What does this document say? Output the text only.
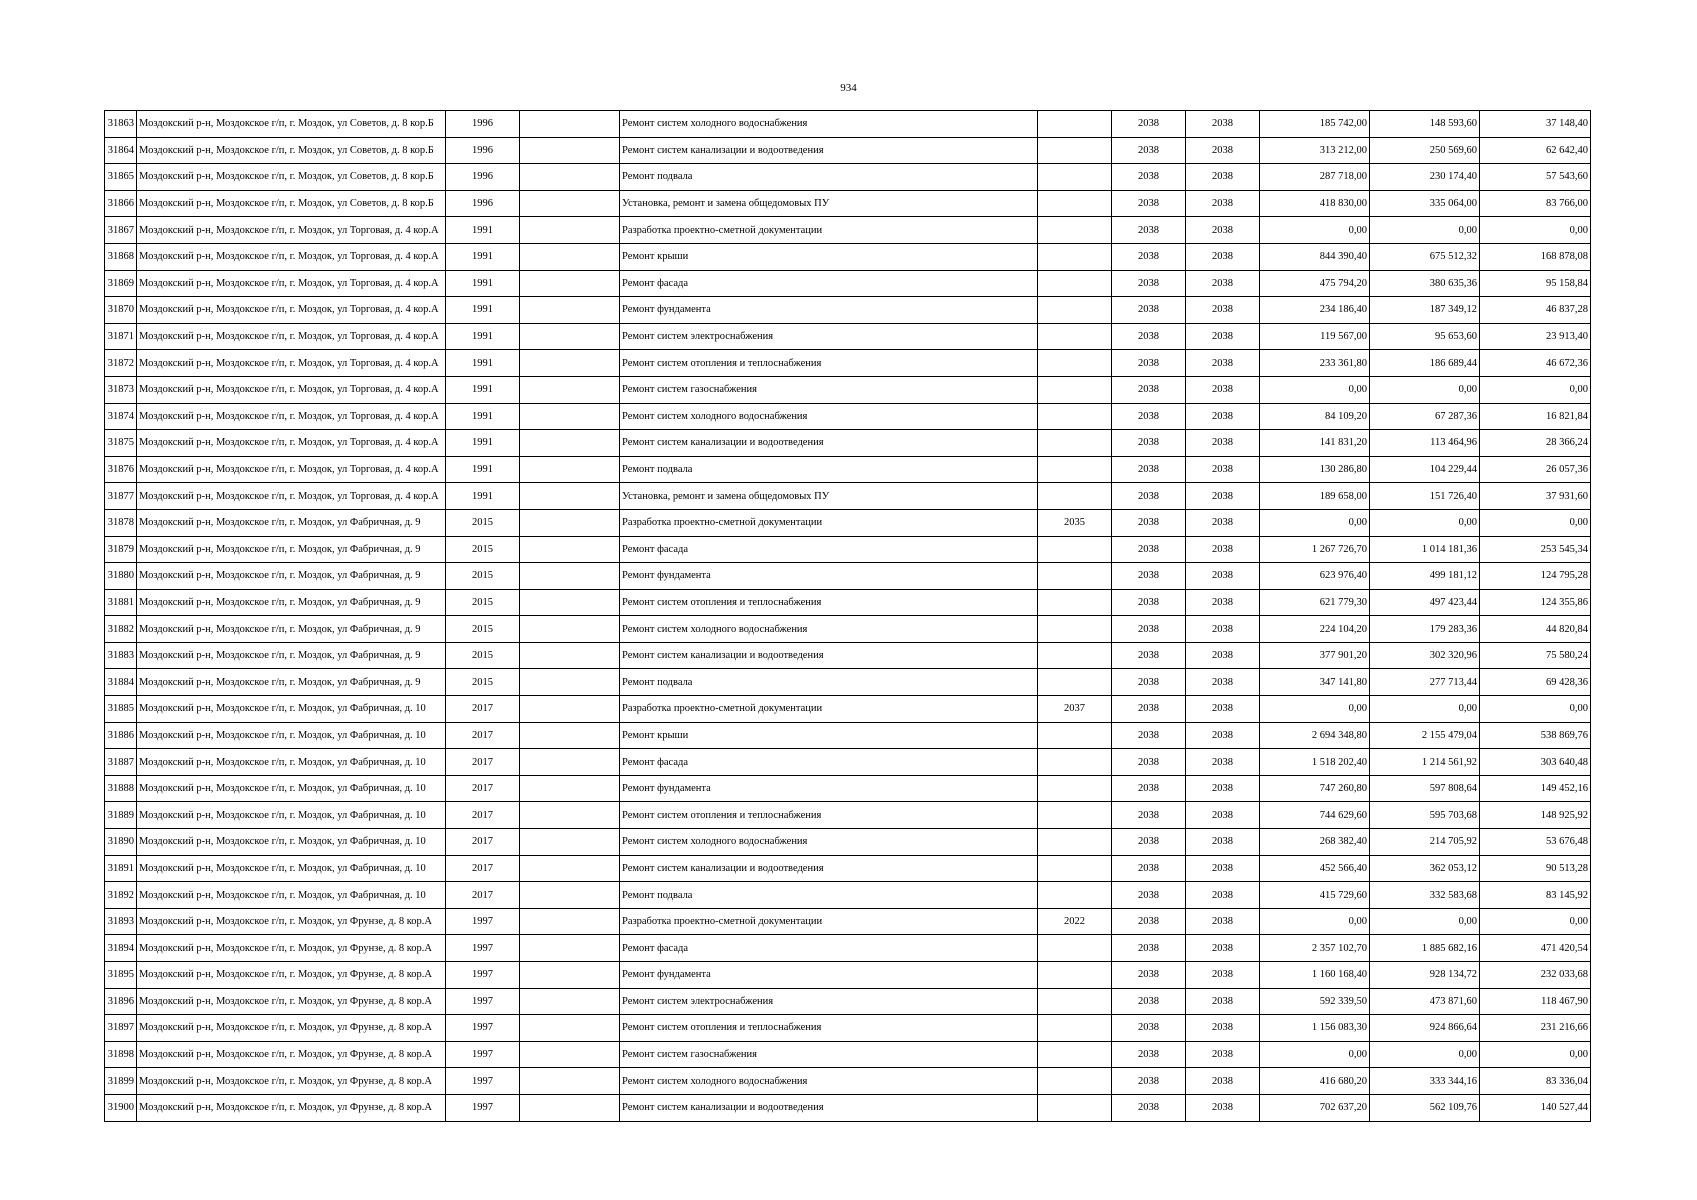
934
31863	Моздокский р-н, Моздокское г/п, г. Моздок, ул Советов, д. 8 кор.Б	1996		Ремонт систем холодного водоснабжения		2038	2038	185 742,00	148 593,60	37 148,40
31864	Моздокский р-н, Моздокское г/п, г. Моздок, ул Советов, д. 8 кор.Б	1996		Ремонт систем канализации и водоотведения		2038	2038	313 212,00	250 569,60	62 642,40
31865	Моздокский р-н, Моздокское г/п, г. Моздок, ул Советов, д. 8 кор.Б	1996		Ремонт подвала		2038	2038	287 718,00	230 174,40	57 543,60
31866	Моздокский р-н, Моздокское г/п, г. Моздок, ул Советов, д. 8 кор.Б	1996		Установка, ремонт и замена общедомовых ПУ		2038	2038	418 830,00	335 064,00	83 766,00
31867	Моздокский р-н, Моздокское г/п, г. Моздок, ул Торговая, д. 4 кор.А	1991		Разработка проектно-сметной документации		2038	2038	0,00	0,00	0,00
31868	Моздокский р-н, Моздокское г/п, г. Моздок, ул Торговая, д. 4 кор.А	1991		Ремонт крыши		2038	2038	844 390,40	675 512,32	168 878,08
31869	Моздокский р-н, Моздокское г/п, г. Моздок, ул Торговая, д. 4 кор.А	1991		Ремонт фасада		2038	2038	475 794,20	380 635,36	95 158,84
31870	Моздокский р-н, Моздокское г/п, г. Моздок, ул Торговая, д. 4 кор.А	1991		Ремонт фундамента		2038	2038	234 186,40	187 349,12	46 837,28
31871	Моздокский р-н, Моздокское г/п, г. Моздок, ул Торговая, д. 4 кор.А	1991		Ремонт систем электроснабжения		2038	2038	119 567,00	95 653,60	23 913,40
31872	Моздокский р-н, Моздокское г/п, г. Моздок, ул Торговая, д. 4 кор.А	1991		Ремонт систем отопления и теплоснабжения		2038	2038	233 361,80	186 689,44	46 672,36
31873	Моздокский р-н, Моздокское г/п, г. Моздок, ул Торговая, д. 4 кор.А	1991		Ремонт систем газоснабжения		2038	2038	0,00	0,00	0,00
31874	Моздокский р-н, Моздокское г/п, г. Моздок, ул Торговая, д. 4 кор.А	1991		Ремонт систем холодного водоснабжения		2038	2038	84 109,20	67 287,36	16 821,84
31875	Моздокский р-н, Моздокское г/п, г. Моздок, ул Торговая, д. 4 кор.А	1991		Ремонт систем канализации и водоотведения		2038	2038	141 831,20	113 464,96	28 366,24
31876	Моздокский р-н, Моздокское г/п, г. Моздок, ул Торговая, д. 4 кор.А	1991		Ремонт подвала		2038	2038	130 286,80	104 229,44	26 057,36
31877	Моздокский р-н, Моздокское г/п, г. Моздок, ул Торговая, д. 4 кор.А	1991		Установка, ремонт и замена общедомовых ПУ		2038	2038	189 658,00	151 726,40	37 931,60
31878	Моздокский р-н, Моздокское г/п, г. Моздок, ул Фабричная, д. 9	2015		Разработка проектно-сметной документации	2035	2038	2038	0,00	0,00	0,00
31879	Моздокский р-н, Моздокское г/п, г. Моздок, ул Фабричная, д. 9	2015		Ремонт фасада		2038	2038	1 267 726,70	1 014 181,36	253 545,34
31880	Моздокский р-н, Моздокское г/п, г. Моздок, ул Фабричная, д. 9	2015		Ремонт фундамента		2038	2038	623 976,40	499 181,12	124 795,28
31881	Моздокский р-н, Моздокское г/п, г. Моздок, ул Фабричная, д. 9	2015		Ремонт систем отопления и теплоснабжения		2038	2038	621 779,30	497 423,44	124 355,86
31882	Моздокский р-н, Моздокское г/п, г. Моздок, ул Фабричная, д. 9	2015		Ремонт систем холодного водоснабжения		2038	2038	224 104,20	179 283,36	44 820,84
31883	Моздокский р-н, Моздокское г/п, г. Моздок, ул Фабричная, д. 9	2015		Ремонт систем канализации и водоотведения		2038	2038	377 901,20	302 320,96	75 580,24
31884	Моздокский р-н, Моздокское г/п, г. Моздок, ул Фабричная, д. 9	2015		Ремонт подвала		2038	2038	347 141,80	277 713,44	69 428,36
31885	Моздокский р-н, Моздокское г/п, г. Моздок, ул Фабричная, д. 10	2017		Разработка проектно-сметной документации	2037	2038	2038	0,00	0,00	0,00
31886	Моздокский р-н, Моздокское г/п, г. Моздок, ул Фабричная, д. 10	2017		Ремонт крыши		2038	2038	2 694 348,80	2 155 479,04	538 869,76
31887	Моздокский р-н, Моздокское г/п, г. Моздок, ул Фабричная, д. 10	2017		Ремонт фасада		2038	2038	1 518 202,40	1 214 561,92	303 640,48
31888	Моздокский р-н, Моздокское г/п, г. Моздок, ул Фабричная, д. 10	2017		Ремонт фундамента		2038	2038	747 260,80	597 808,64	149 452,16
31889	Моздокский р-н, Моздокское г/п, г. Моздок, ул Фабричная, д. 10	2017		Ремонт систем отопления и теплоснабжения		2038	2038	744 629,60	595 703,68	148 925,92
31890	Моздокский р-н, Моздокское г/п, г. Моздок, ул Фабричная, д. 10	2017		Ремонт систем холодного водоснабжения		2038	2038	268 382,40	214 705,92	53 676,48
31891	Моздокский р-н, Моздокское г/п, г. Моздок, ул Фабричная, д. 10	2017		Ремонт систем канализации и водоотведения		2038	2038	452 566,40	362 053,12	90 513,28
31892	Моздокский р-н, Моздокское г/п, г. Моздок, ул Фабричная, д. 10	2017		Ремонт подвала		2038	2038	415 729,60	332 583,68	83 145,92
31893	Моздокский р-н, Моздокское г/п, г. Моздок, ул Фрунзе, д. 8 кор.А	1997		Разработка проектно-сметной документации	2022	2038	2038	0,00	0,00	0,00
31894	Моздокский р-н, Моздокское г/п, г. Моздок, ул Фрунзе, д. 8 кор.А	1997		Ремонт фасада		2038	2038	2 357 102,70	1 885 682,16	471 420,54
31895	Моздокский р-н, Моздокское г/п, г. Моздок, ул Фрунзе, д. 8 кор.А	1997		Ремонт фундамента		2038	2038	1 160 168,40	928 134,72	232 033,68
31896	Моздокский р-н, Моздокское г/п, г. Моздок, ул Фрунзе, д. 8 кор.А	1997		Ремонт систем электроснабжения		2038	2038	592 339,50	473 871,60	118 467,90
31897	Моздокский р-н, Моздокское г/п, г. Моздок, ул Фрунзе, д. 8 кор.А	1997		Ремонт систем отопления и теплоснабжения		2038	2038	1 156 083,30	924 866,64	231 216,66
31898	Моздокский р-н, Моздокское г/п, г. Моздок, ул Фрунзе, д. 8 кор.А	1997		Ремонт систем газоснабжения		2038	2038	0,00	0,00	0,00
31899	Моздокский р-н, Моздокское г/п, г. Моздок, ул Фрунзе, д. 8 кор.А	1997		Ремонт систем холодного водоснабжения		2038	2038	416 680,20	333 344,16	83 336,04
31900	Моздокский р-н, Моздокское г/п, г. Моздок, ул Фрунзе, д. 8 кор.А	1997		Ремонт систем канализации и водоотведения		2038	2038	702 637,20	562 109,76	140 527,44
